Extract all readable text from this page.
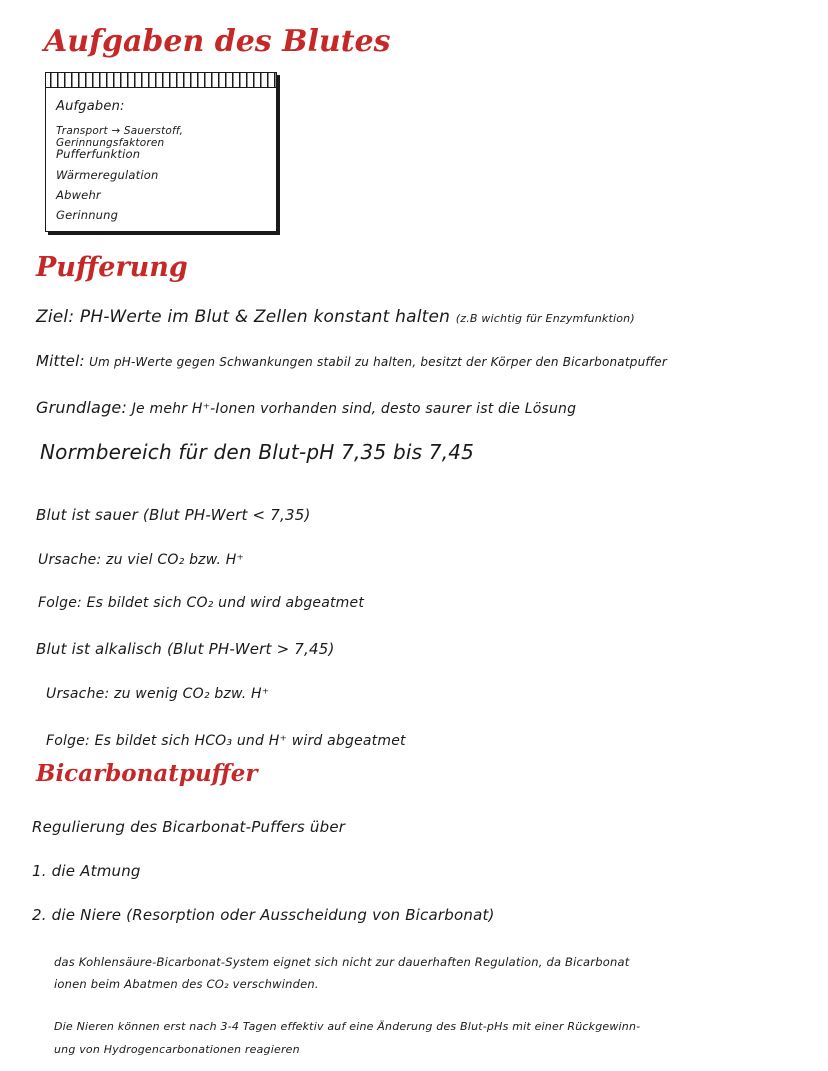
Aufgaben des Blutes
Aufgaben:
Transport → Sauerstoff, Gerinnungsfaktoren
Pufferfunktion
Wärmeregulation
Abwehr
Gerinnung
Pufferung
Ziel: PH-Werte im Blut & Zellen konstant halten (z.B wichtig für Enzymfunktion)
Mittel: Um pH-Werte gegen Schwankungen stabil zu halten, besitzt der Körper den Bicarbonatpuffer
Grundlage: Je mehr H⁺-Ionen vorhanden sind, desto saurer ist die Lösung
Normbereich für den Blut-pH 7,35 bis 7,45
Blut ist sauer (Blut PH-Wert < 7,35)
Ursache: zu viel CO₂ bzw. H⁺
Folge: Es bildet sich CO₂ und wird abgeatmet
Blut ist alkalisch (Blut PH-Wert > 7,45)
Ursache: zu wenig CO₂ bzw. H⁺
Folge: Es bildet sich HCO₃ und H⁺ wird abgeatmet
Bicarbonatpuffer
Regulierung des Bicarbonat-Puffers über
1. die Atmung
2. die Niere (Resorption oder Ausscheidung von Bicarbonat)
das Kohlensäure-Bicarbonat-System eignet sich nicht zur dauerhaften Regulation, da Bicarbonat
ionen beim Abatmen des CO₂ verschwinden.
Die Nieren können erst nach 3-4 Tagen effektiv auf eine Änderung des Blut-pHs mit einer Rückgewinn-
ung von Hydrogencarbonationen reagieren
